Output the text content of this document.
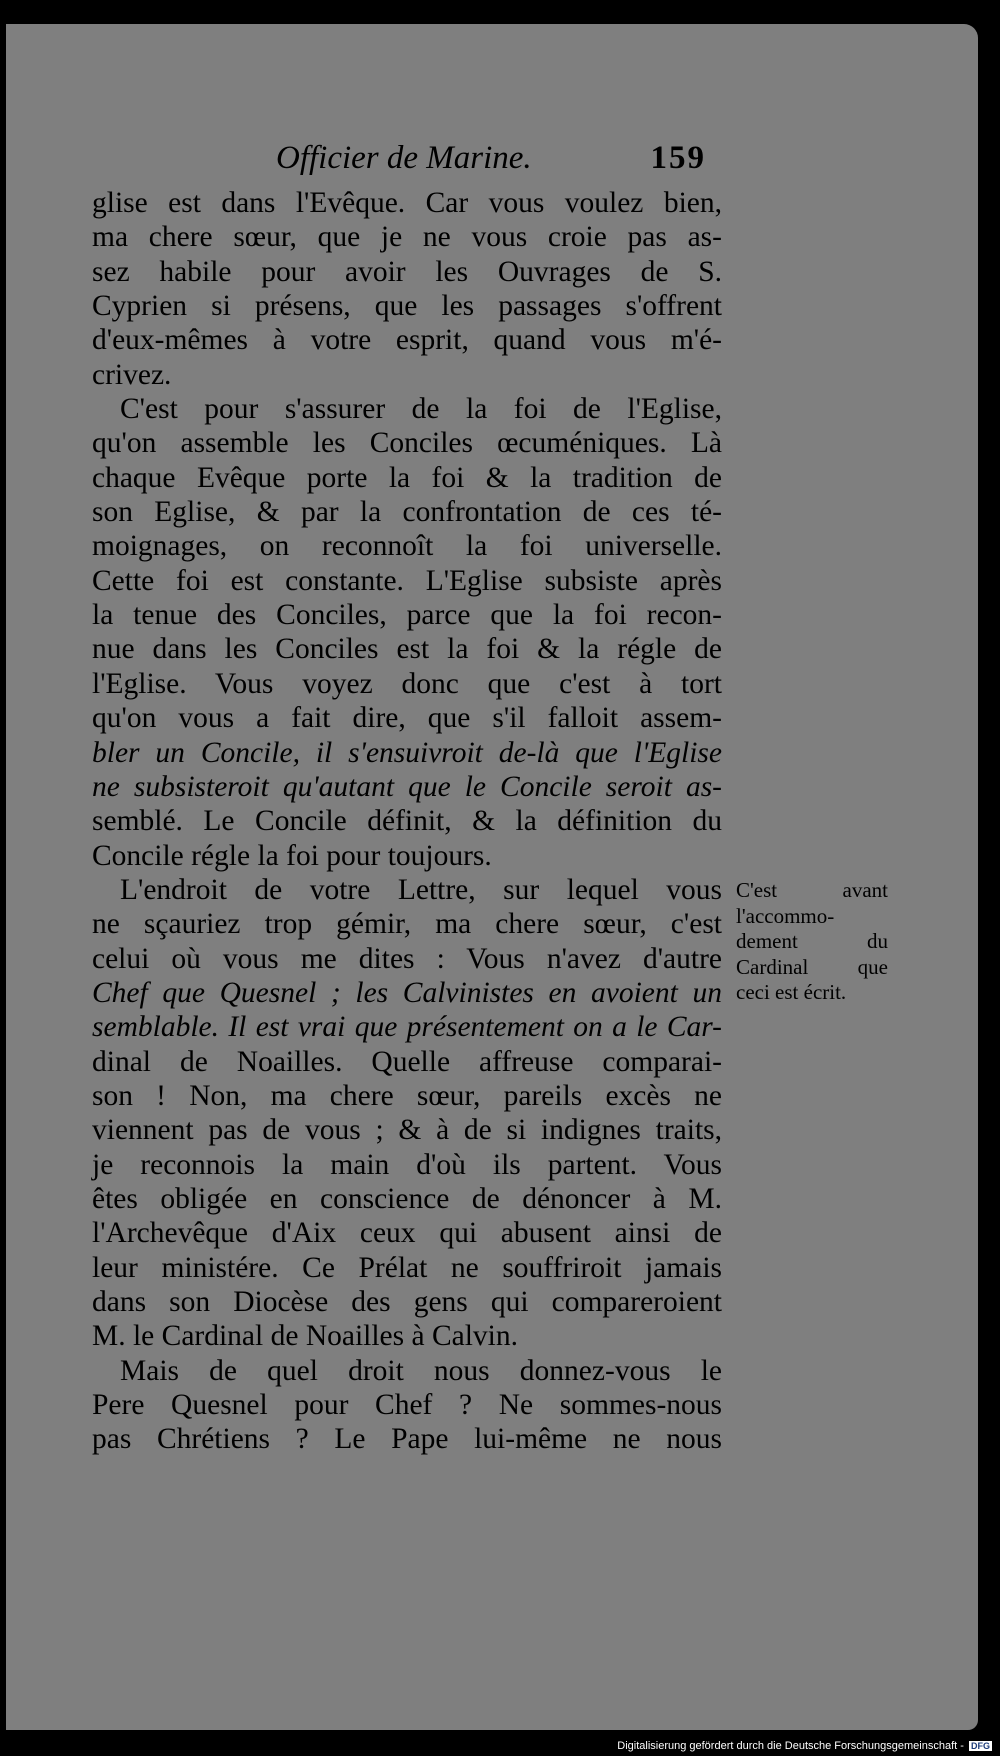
Officier de Marine.	159
glise est dans l'Evêque. Car vous voulez bien,
ma chere sœur, que je ne vous croie pas as-
sez habile pour avoir les Ouvrages de S.
Cyprien si présens, que les passages s'offrent
d'eux-mêmes à votre esprit, quand vous m'é-
crivez.
C'est pour s'assurer de la foi de l'Eglise,
qu'on assemble les Conciles œcuméniques. Là
chaque Evêque porte la foi & la tradition de
son Eglise, & par la confrontation de ces té-
moignages, on reconnoît la foi universelle.
Cette foi est constante. L'Eglise subsiste après
la tenue des Conciles, parce que la foi recon-
nue dans les Conciles est la foi & la régle de
l'Eglise. Vous voyez donc que c'est à tort
qu'on vous a fait dire, que s'il falloit assem-
bler un Concile, il s'ensuivroit de-là que l'Eglise
ne subsisteroit qu'autant que le Concile seroit as-
semblé. Le Concile définit, & la définition du
Concile régle la foi pour toujours.
L'endroit de votre Lettre, sur lequel vous
ne sçauriez trop gémir, ma chere sœur, c'est
celui où vous me dites : Vous n'avez d'autre
Chef que Quesnel ; les Calvinistes en avoient un
semblable. Il est vrai que présentement on a le Car-
dinal de Noailles. Quelle affreuse comparai-
son ! Non, ma chere sœur, pareils excès ne
viennent pas de vous ; & à de si indignes traits,
je reconnois la main d'où ils partent. Vous
êtes obligée en conscience de dénoncer à M.
l'Archevêque d'Aix ceux qui abusent ainsi de
leur ministére. Ce Prélat ne souffriroit jamais
dans son Diocèse des gens qui compareroient
M. le Cardinal de Noailles à Calvin.
Mais de quel droit nous donnez-vous le
Pere Quesnel pour Chef ? Ne sommes-nous
pas Chrétiens ? Le Pape lui-même ne nous
C'est avant
l'accommo-
dement du
Cardinal que
ceci est écrit.
Digitalisierung gefördert durch die Deutsche Forschungsgemeinschaft - DFG
